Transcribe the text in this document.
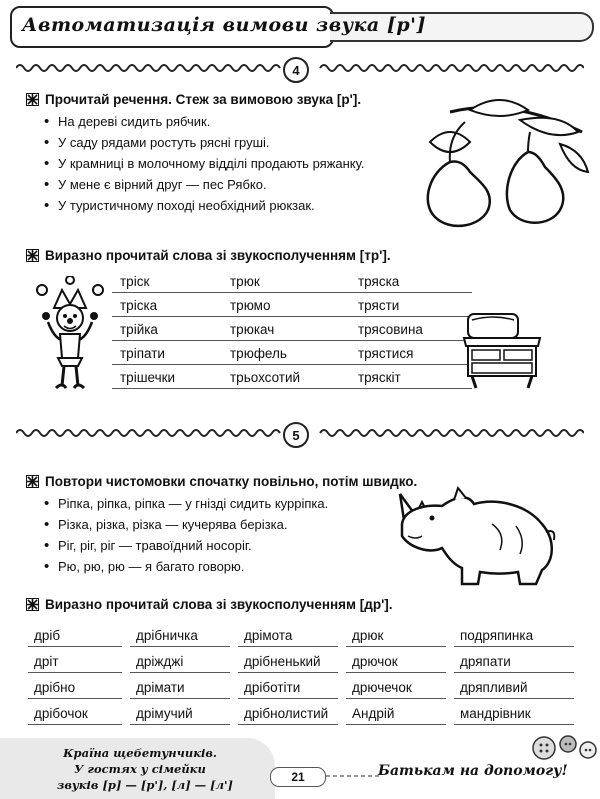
Автоматизація вимови звука [р']
4
Прочитай речення. Стеж за вимовою звука [р'].
• На дереві сидить рябчик.
• У саду рядами ростуть рясні груші.
• У крамниці в молочному відділі продають ряжанку.
• У мене є вірний друг — пес Рябко.
• У туристичному поході необхідний рюкзак.
Виразно прочитай слова зі звукосполученням [тр'].
тріск	трюк	тряска
тріска	трюмо	трясти
трійка	трюкач	трясовина
тріпати	трюфель	трястися
трішечки	трьохсотий	тряскіт
5
Повтори чистомовки спочатку повільно, потім швидко.
• Ріпка, ріпка, ріпка — у гнізді сидить курріпка.
• Різка, різка, різка — кучерява берізка.
• Ріг, ріг, ріг — травоїдний носоріг.
• Рю, рю, рю — я багато говорю.
Виразно прочитай слова зі звукосполученням [др'].
дріб	дрібничка	дрімота	дрюк	подряпинка
дріт	дріжджі	дрібненький	дрючок	дряпати
дрібно	дрімати	дріботіти	дрючечок	дряпливий
дрібочок	дрімучий	дрібнолистий	Андрій	мандрівник
Країна щебетунчиків.
У гостях у сімейки
звуків [р] — [р'], [л] — [л']
21	Батькам на допомогу!
